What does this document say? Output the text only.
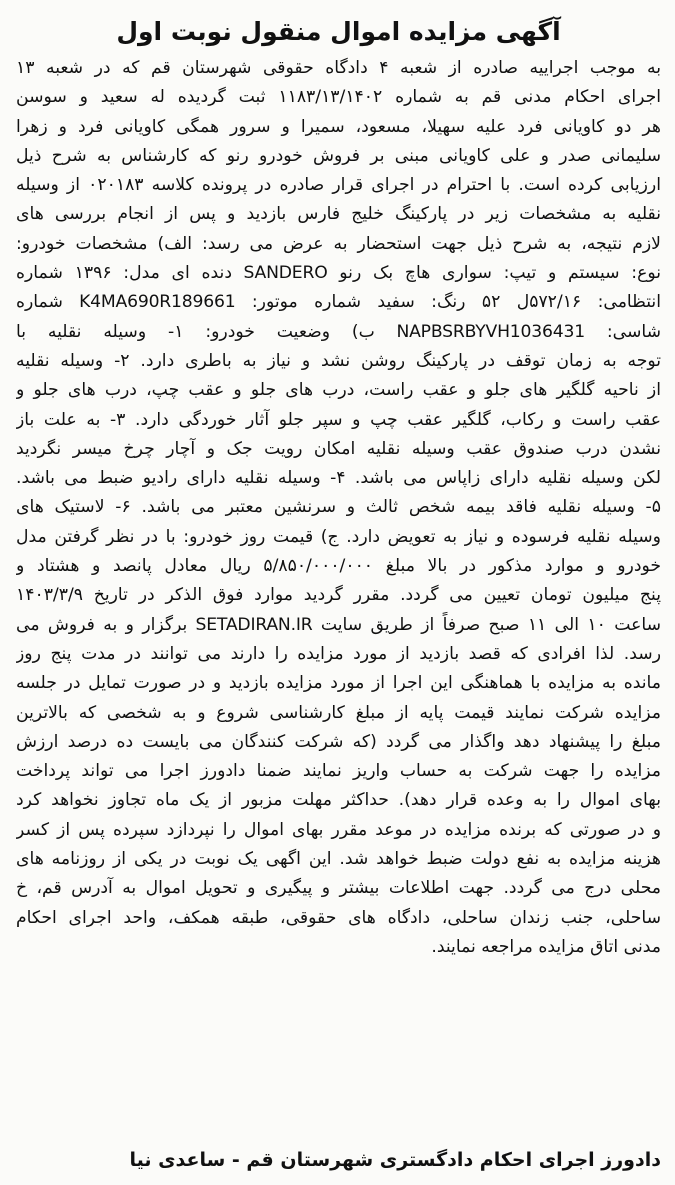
آگهی مزایده اموال منقول نوبت اول
به موجب اجراییه صادره از شعبه ۴ دادگاه حقوقی شهرستان قم که در شعبه ۱۳
اجرای احکام مدنی قم به شماره ۱۱۸۳/۱۳/۱۴۰۲ ثبت گردیده له سعید و سوسن
هر دو کاویانی فرد علیه سهیلا، مسعود، سمیرا و سرور همگی کاویانی فرد و زهرا
سلیمانی صدر و علی کاویانی مبنی بر فروش خودرو رنو که کارشناس به شرح ذیل
ارزیابی کرده است. با احترام در اجرای قرار صادره در پرونده کلاسه ۰۲۰۱۸۳ از وسیله
نقلیه به مشخصات زیر در پارکینگ خلیج فارس بازدید و پس از انجام بررسی های
لازم نتیجه، به شرح ذیل جهت استحضار به عرض می رسد: الف) مشخصات خودرو:
نوع: سیستم و تیپ: سواری هاچ بک رنو SANDERO دنده ای مدل: ۱۳۹۶ شماره
انتظامی: ۵۷۲/۱۶ل ۵۲ رنگ: سفید شماره موتور: K4MA690R189661 شماره
شاسی: NAPBSRBYVH1036431 ب) وضعیت خودرو: ۱- وسیله نقلیه با
توجه به زمان توقف در پارکینگ روشن نشد و نیاز به باطری دارد. ۲- وسیله نقلیه
از ناحیه گلگیر های جلو و عقب راست، درب های جلو و عقب چپ، درب های جلو و
عقب راست و رکاب، گلگیر عقب چپ و سپر جلو آثار خوردگی دارد. ۳- به علت باز
نشدن درب صندوق عقب وسیله نقلیه امکان رویت جک و آچار چرخ میسر نگردید
لکن وسیله نقلیه دارای زاپاس می باشد. ۴- وسیله نقلیه دارای رادیو ضبط می باشد.
۵- وسیله نقلیه فاقد بیمه شخص ثالث و سرنشین معتبر می باشد. ۶- لاستیک های
وسیله نقلیه فرسوده و نیاز به تعویض دارد. ج) قیمت روز خودرو: با در نظر گرفتن مدل
خودرو و موارد مذکور در بالا مبلغ ۵/۸۵۰/۰۰۰/۰۰۰ ریال معادل پانصد و هشتاد و
پنج میلیون تومان تعیین می گردد. مقرر گردید موارد فوق الذکر در تاریخ ۱۴۰۳/۳/۹
ساعت ۱۰ الی ۱۱ صبح صرفاً از طریق سایت SETADIRAN.IR برگزار و به فروش می
رسد. لذا افرادی که قصد بازدید از مورد مزایده را دارند می توانند در مدت پنج روز
مانده به مزایده با هماهنگی این اجرا از مورد مزایده بازدید و در صورت تمایل در جلسه
مزایده شرکت نمایند قیمت پایه از مبلغ کارشناسی شروع و به شخصی که بالاترین
مبلغ را پیشنهاد دهد واگذار می گردد (که شرکت کنندگان می بایست ده درصد ارزش
مزایده را جهت شرکت به حساب واریز نمایند ضمنا دادورز اجرا می تواند پرداخت
بهای اموال را به وعده قرار دهد). حداکثر مهلت مزبور از یک ماه تجاوز نخواهد کرد
و در صورتی که برنده مزایده در موعد مقرر بهای اموال را نپردازد سپرده پس از کسر
هزینه مزایده به نفع دولت ضبط خواهد شد. این اگهی یک نوبت در یکی از روزنامه های
محلی درج می گردد. جهت اطلاعات بیشتر و پیگیری و تحویل اموال به آدرس قم، خ
ساحلی، جنب زندان ساحلی، دادگاه های حقوقی، طبقه همکف، واحد اجرای احکام
مدنی اتاق مزایده مراجعه نمایند.
دادورز اجرای احکام دادگستری شهرستان قم - ساعدی نیا
